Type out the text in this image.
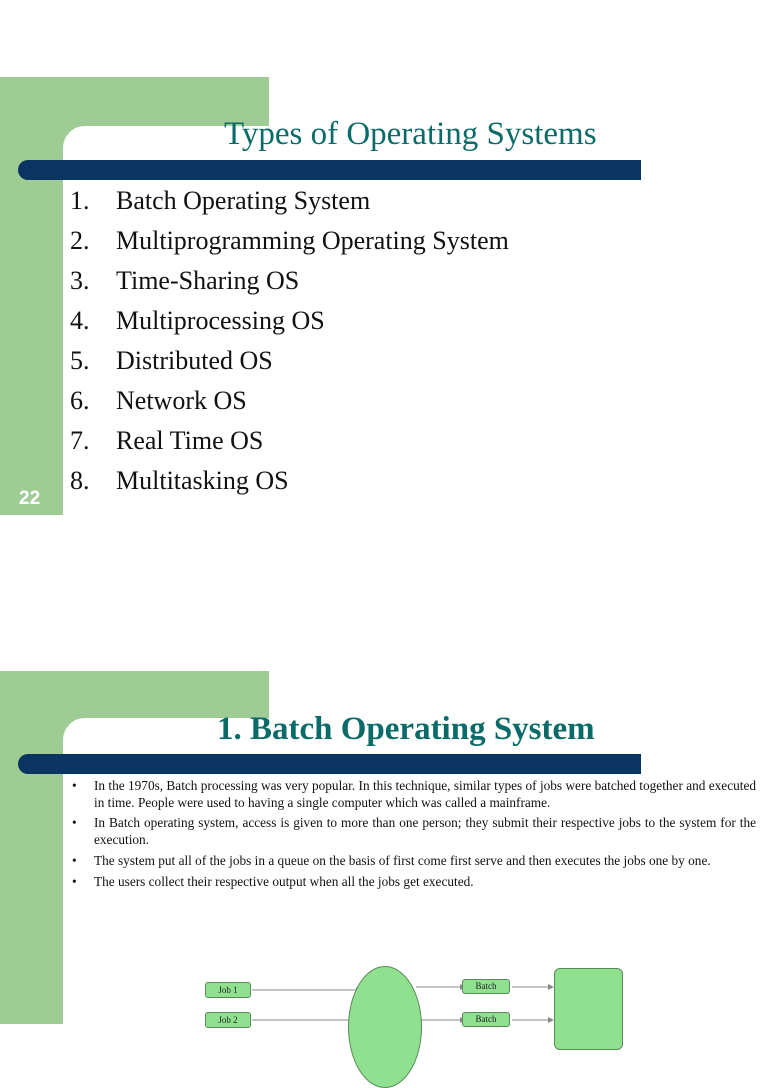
Types of Operating Systems
22
1. Batch Operating System
2. Multiprogramming Operating System
3. Time-Sharing OS
4. Multiprocessing OS
5. Distributed OS
6. Network OS
7. Real Time OS
8. Multitasking OS
1. Batch Operating System
• In the 1970s, Batch processing was very popular. In this technique, similar types of jobs were batched together and executed in time. People were used to having a single computer which was called a mainframe.
• In Batch operating system, access is given to more than one person; they submit their respective jobs to the system for the execution.
• The system put all of the jobs in a queue on the basis of first come first serve and then executes the jobs one by one.
• The users collect their respective output when all the jobs get executed.
Job 1
Job 2
Batch
Batch
